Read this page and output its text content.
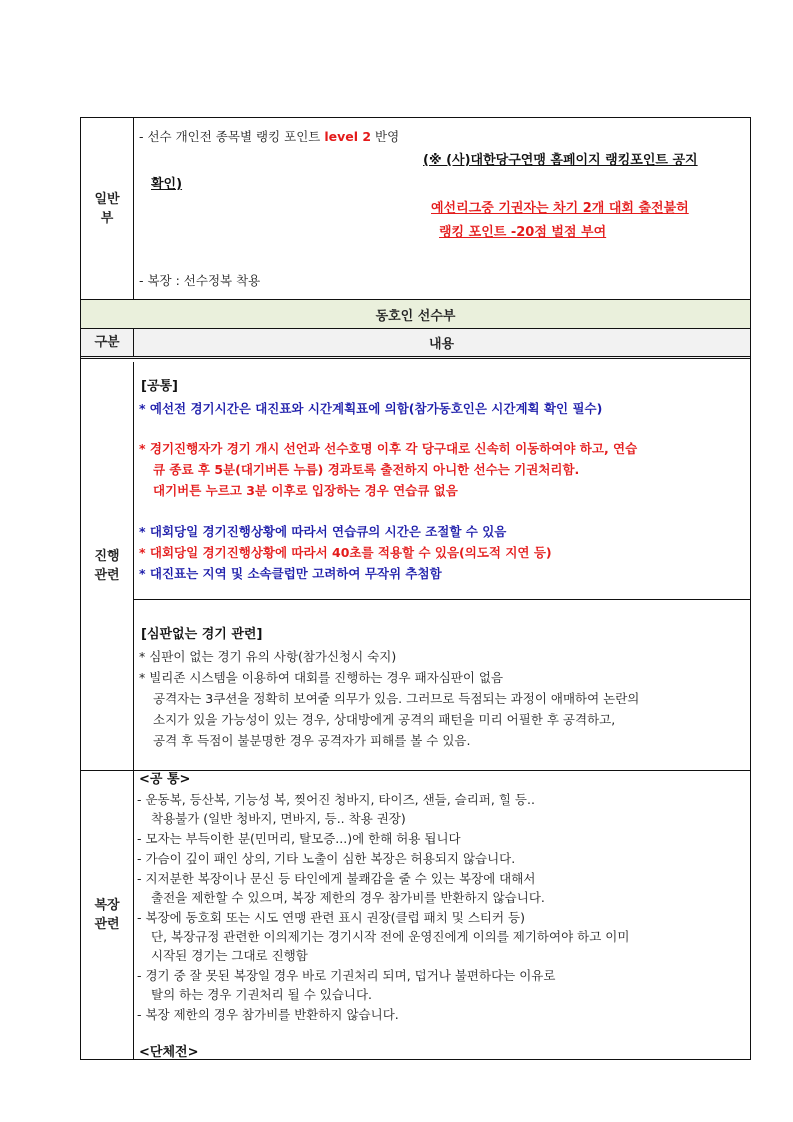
일반
부
- 선수 개인전 종목별 랭킹 포인트 level 2 반영
(※ (사)대한당구연맹 홈페이지 랭킹포인트 공지
확인)
예선리그중 기권자는 차기 2개 대회 출전불허
랭킹 포인트 -20점 벌점 부여
- 복장 : 선수정복 착용
동호인 선수부
구분	내용
진행
관련
[공통]
* 예선전 경기시간은 대진표와 시간계획표에 의함(참가동호인은 시간계획 확인 필수)
* 경기진행자가 경기 개시 선언과 선수호명 이후 각 당구대로 신속히 이동하여야 하고, 연습
큐 종료 후 5분(대기버튼 누름) 경과토록 출전하지 아니한 선수는 기권처리함.
대기버튼 누르고 3분 이후로 입장하는 경우 연습큐 없음
* 대회당일 경기진행상황에 따라서 연습큐의 시간은 조절할 수 있음
* 대회당일 경기진행상황에 따라서 40초를 적용할 수 있음(의도적 지연 등)
* 대진표는 지역 및 소속클럽만 고려하여 무작위 추첨함
[심판없는 경기 관련]
* 심판이 없는 경기 유의 사항(참가신청시 숙지)
* 빌리존 시스템을 이용하여 대회를 진행하는 경우 패자심판이 없음
공격자는 3쿠션을 정확히 보여줄 의무가 있음. 그러므로 득점되는 과정이 애매하여 논란의
소지가 있을 가능성이 있는 경우, 상대방에게 공격의 패턴을 미리 어필한 후 공격하고,
공격 후 득점이 불분명한 경우 공격자가 피해를 볼 수 있음.
복장
관련
<공 통>
- 운동복, 등산복, 기능성 복, 찢어진 청바지, 타이즈, 샌들, 슬리퍼, 힐 등..
착용불가 (일반 청바지, 면바지, 등.. 착용 권장)
- 모자는 부득이한 분(민머리, 탈모증...)에 한해 허용 됩니다
- 가슴이 깊이 패인 상의, 기타 노출이 심한 복장은 허용되지 않습니다.
- 지저분한 복장이나 문신 등 타인에게 불쾌감을 줄 수 있는 복장에 대해서
출전을 제한할 수 있으며, 복장 제한의 경우 참가비를 반환하지 않습니다.
- 복장에 동호회 또는 시도 연맹 관련 표시 권장(클럽 패치 및 스티커 등)
단, 복장규정 관련한 이의제기는 경기시작 전에 운영진에게 이의를 제기하여야 하고 이미
시작된 경기는 그대로 진행함
- 경기 중 잘 못된 복장일 경우 바로 기권처리 되며, 덥거나 불편하다는 이유로
탈의 하는 경우 기권처리 될 수 있습니다.
- 복장 제한의 경우 참가비를 반환하지 않습니다.
<단체전>
